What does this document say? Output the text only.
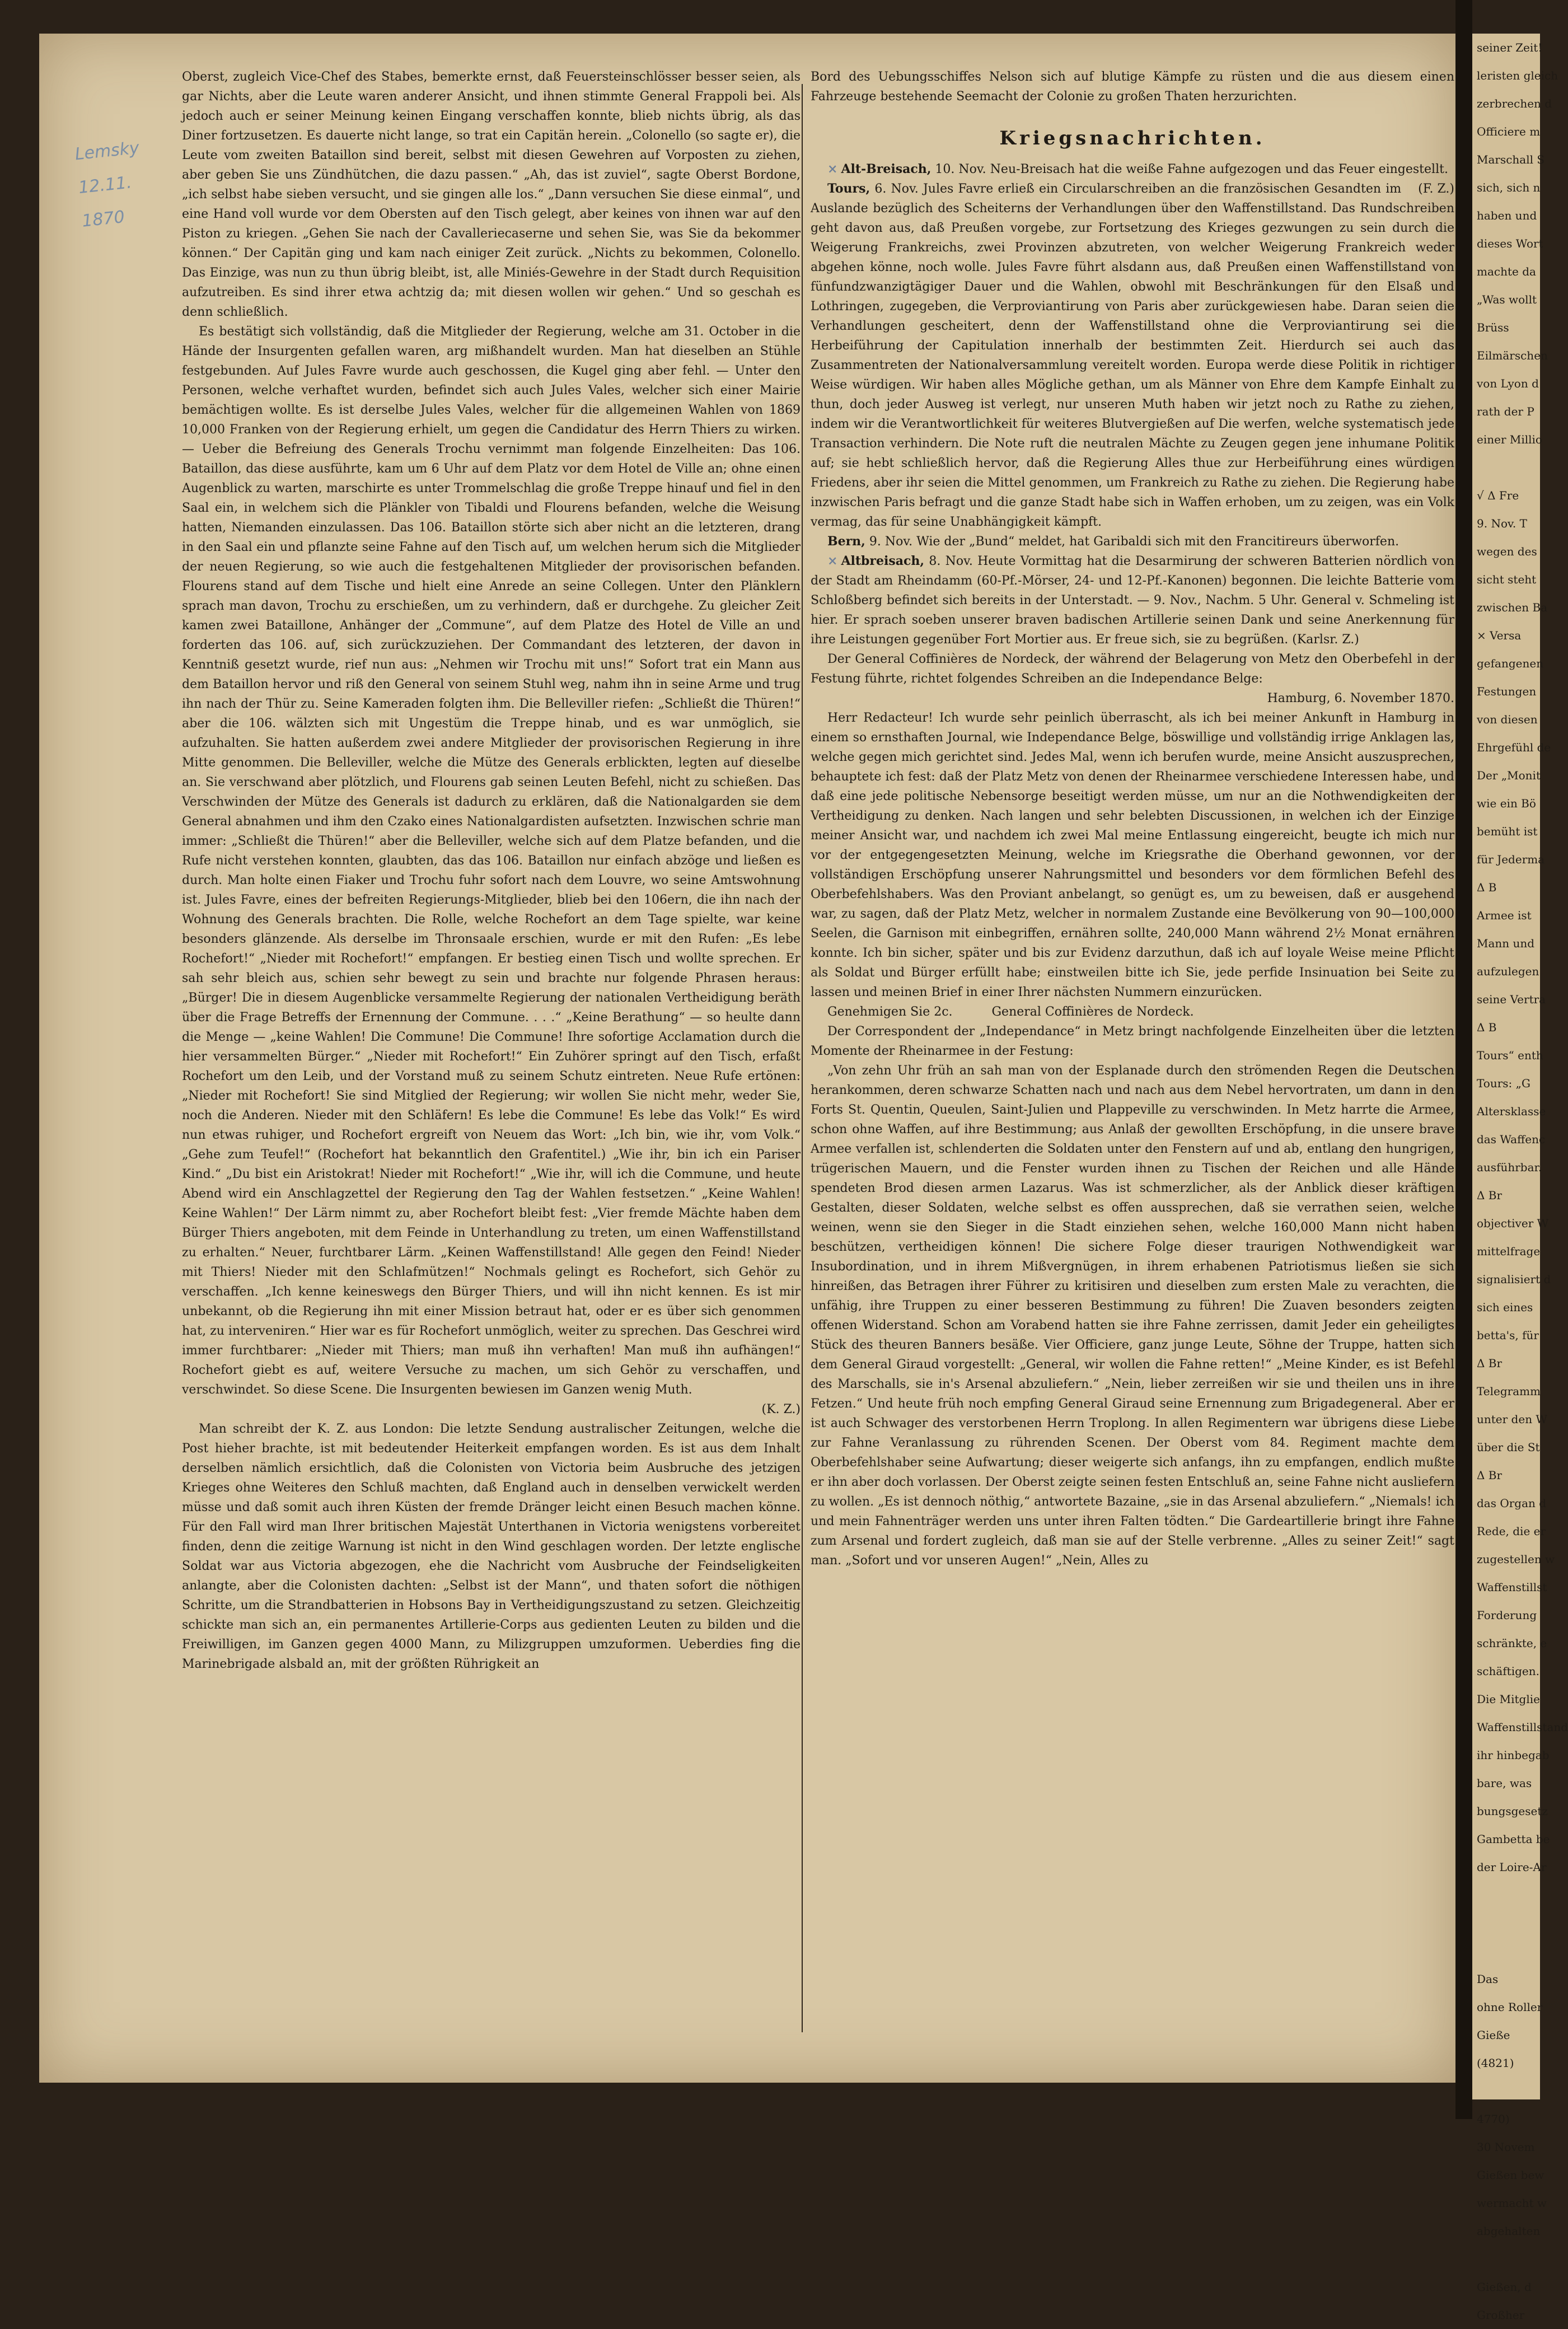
Lemsky
12.11.
1870

Oberst, zugleich Vice-Chef des Stabes, bemerkte ernst, daß Feuersteinschlösser besser seien, als gar Nichts, aber die Leute waren anderer Ansicht, und ihnen stimmte General Frappoli bei. Als jedoch auch er seiner Meinung keinen Eingang verschaffen konnte, blieb nichts übrig, als das Diner fortzusetzen. Es dauerte nicht lange, so trat ein Capitän herein. „Colonello (so sagte er), die Leute vom zweiten Bataillon sind bereit, selbst mit diesen Gewehren auf Vorposten zu ziehen, aber geben Sie uns Zündhütchen, die dazu passen.“ „Ah, das ist zuviel“, sagte Oberst Bordone, „ich selbst habe sieben versucht, und sie gingen alle los.“ „Dann versuchen Sie diese einmal“, und eine Hand voll wurde vor dem Obersten auf den Tisch gelegt, aber keines von ihnen war auf den Piston zu kriegen. „Gehen Sie nach der Cavalleriecaserne und sehen Sie, was Sie da bekommer können.“ Der Capitän ging und kam nach einiger Zeit zurück. „Nichts zu bekommen, Colonello. Das Einzige, was nun zu thun übrig bleibt, ist, alle Miniés-Gewehre in der Stadt durch Requisition aufzutreiben. Es sind ihrer etwa achtzig da; mit diesen wollen wir gehen.“ Und so geschah es denn schließlich.

Es bestätigt sich vollständig, daß die Mitglieder der Regierung, welche am 31. October in die Hände der Insurgenten gefallen waren, arg mißhandelt wurden. Man hat dieselben an Stühle festgebunden. Auf Jules Favre wurde auch geschossen, die Kugel ging aber fehl. — Unter den Personen, welche verhaftet wurden, befindet sich auch Jules Vales, welcher sich einer Mairie bemächtigen wollte. Es ist derselbe Jules Vales, welcher für die allgemeinen Wahlen von 1869 10,000 Franken von der Regierung erhielt, um gegen die Candidatur des Herrn Thiers zu wirken. — Ueber die Befreiung des Generals Trochu vernimmt man folgende Einzelheiten: Das 106. Bataillon, das diese ausführte, kam um 6 Uhr auf dem Platz vor dem Hotel de Ville an; ohne einen Augenblick zu warten, marschirte es unter Trommelschlag die große Treppe hinauf und fiel in den Saal ein, in welchem sich die Plänkler von Tibaldi und Flourens befanden, welche die Weisung hatten, Niemanden einzulassen. Das 106. Bataillon störte sich aber nicht an die letzteren, drang in den Saal ein und pflanzte seine Fahne auf den Tisch auf, um welchen herum sich die Mitglieder der neuen Regierung, so wie auch die festgehaltenen Mitglieder der provisorischen befanden. Flourens stand auf dem Tische und hielt eine Anrede an seine Collegen. Unter den Plänklern sprach man davon, Trochu zu erschießen, um zu verhindern, daß er durchgehe. Zu gleicher Zeit kamen zwei Bataillone, Anhänger der „Commune“, auf dem Platze des Hotel de Ville an und forderten das 106. auf, sich zurückzuziehen. Der Commandant des letzteren, der davon in Kenntniß gesetzt wurde, rief nun aus: „Nehmen wir Trochu mit uns!“ Sofort trat ein Mann aus dem Bataillon hervor und riß den General von seinem Stuhl weg, nahm ihn in seine Arme und trug ihn nach der Thür zu. Seine Kameraden folgten ihm. Die Belleviller riefen: „Schließt die Thüren!“ aber die 106. wälzten sich mit Ungestüm die Treppe hinab, und es war unmöglich, sie aufzuhalten. Sie hatten außerdem zwei andere Mitglieder der provisorischen Regierung in ihre Mitte genommen. Die Belleviller, welche die Mütze des Generals erblickten, legten auf dieselbe an. Sie verschwand aber plötzlich, und Flourens gab seinen Leuten Befehl, nicht zu schießen. Das Verschwinden der Mütze des Generals ist dadurch zu erklären, daß die Nationalgarden sie dem General abnahmen und ihm den Czako eines Nationalgardisten aufsetzten. Inzwischen schrie man immer: „Schließt die Thüren!“ aber die Belleviller, welche sich auf dem Platze befanden, und die Rufe nicht verstehen konnten, glaubten, das das 106. Bataillon nur einfach abzöge und ließen es durch. Man holte einen Fiaker und Trochu fuhr sofort nach dem Louvre, wo seine Amtswohnung ist. Jules Favre, eines der befreiten Regierungs-Mitglieder, blieb bei den 106ern, die ihn nach der Wohnung des Generals brachten. Die Rolle, welche Rochefort an dem Tage spielte, war keine besonders glänzende. Als derselbe im Thronsaale erschien, wurde er mit den Rufen: „Es lebe Rochefort!“ „Nieder mit Rochefort!“ empfangen. Er bestieg einen Tisch und wollte sprechen. Er sah sehr bleich aus, schien sehr bewegt zu sein und brachte nur folgende Phrasen heraus: „Bürger! Die in diesem Augenblicke versammelte Regierung der nationalen Vertheidigung beräth über die Frage Betreffs der Ernennung der Commune. . . .“ „Keine Berathung“ — so heulte dann die Menge — „keine Wahlen! Die Commune! Die Commune! Ihre sofortige Acclamation durch die hier versammelten Bürger.“ „Nieder mit Rochefort!“ Ein Zuhörer springt auf den Tisch, erfaßt Rochefort um den Leib, und der Vorstand muß zu seinem Schutz eintreten. Neue Rufe ertönen: „Nieder mit Rochefort! Sie sind Mitglied der Regierung; wir wollen Sie nicht mehr, weder Sie, noch die Anderen. Nieder mit den Schläfern! Es lebe die Commune! Es lebe das Volk!“ Es wird nun etwas ruhiger, und Rochefort ergreift von Neuem das Wort: „Ich bin, wie ihr, vom Volk.“ „Gehe zum Teufel!“ (Rochefort hat bekanntlich den Grafentitel.) „Wie ihr, bin ich ein Pariser Kind.“ „Du bist ein Aristokrat! Nieder mit Rochefort!“ „Wie ihr, will ich die Commune, und heute Abend wird ein Anschlagzettel der Regierung den Tag der Wahlen festsetzen.“ „Keine Wahlen! Keine Wahlen!“ Der Lärm nimmt zu, aber Rochefort bleibt fest: „Vier fremde Mächte haben dem Bürger Thiers angeboten, mit dem Feinde in Unterhandlung zu treten, um einen Waffenstillstand zu erhalten.“ Neuer, furchtbarer Lärm. „Keinen Waffenstillstand! Alle gegen den Feind! Nieder mit Thiers! Nieder mit den Schlafmützen!“ Nochmals gelingt es Rochefort, sich Gehör zu verschaffen. „Ich kenne keineswegs den Bürger Thiers, und will ihn nicht kennen. Es ist mir unbekannt, ob die Regierung ihn mit einer Mission betraut hat, oder er es über sich genommen hat, zu interveniren.“ Hier war es für Rochefort unmöglich, weiter zu sprechen. Das Geschrei wird immer furchtbarer: „Nieder mit Thiers; man muß ihn verhaften! Man muß ihn aufhängen!“ Rochefort giebt es auf, weitere Versuche zu machen, um sich Gehör zu verschaffen, und verschwindet. So diese Scene. Die Insurgenten bewiesen im Ganzen wenig Muth.

(K. Z.)

Man schreibt der K. Z. aus London: Die letzte Sendung australischer Zeitungen, welche die Post hieher brachte, ist mit bedeutender Heiterkeit empfangen worden. Es ist aus dem Inhalt derselben nämlich ersichtlich, daß die Colonisten von Victoria beim Ausbruche des jetzigen Krieges ohne Weiteres den Schluß machten, daß England auch in denselben verwickelt werden müsse und daß somit auch ihren Küsten der fremde Dränger leicht einen Besuch machen könne. Für den Fall wird man Ihrer britischen Majestät Unterthanen in Victoria wenigstens vorbereitet finden, denn die zeitige Warnung ist nicht in den Wind geschlagen worden. Der letzte englische Soldat war aus Victoria abgezogen, ehe die Nachricht vom Ausbruche der Feindseligkeiten anlangte, aber die Colonisten dachten: „Selbst ist der Mann“, und thaten sofort die nöthigen Schritte, um die Strandbatterien in Hobsons Bay in Vertheidigungszustand zu setzen. Gleichzeitig schickte man sich an, ein permanentes Artillerie-Corps aus gedienten Leuten zu bilden und die Freiwilligen, im Ganzen gegen 4000 Mann, zu Milizgruppen umzuformen. Ueberdies fing die Marinebrigade alsbald an, mit der größten Rührigkeit an

Bord des Uebungsschiffes Nelson sich auf blutige Kämpfe zu rüsten und die aus diesem einen Fahrzeuge bestehende Seemacht der Colonie zu großen Thaten herzurichten.

Kriegsnachrichten.

× Alt-Breisach, 10. Nov. Neu-Breisach hat die weiße Fahne aufgezogen und das Feuer eingestellt.
(F. Z.)

Tours, 6. Nov. Jules Favre erließ ein Circularschreiben an die französischen Gesandten im Auslande bezüglich des Scheiterns der Verhandlungen über den Waffenstillstand. Das Rundschreiben geht davon aus, daß Preußen vorgebe, zur Fortsetzung des Krieges gezwungen zu sein durch die Weigerung Frankreichs, zwei Provinzen abzutreten, von welcher Weigerung Frankreich weder abgehen könne, noch wolle. Jules Favre führt alsdann aus, daß Preußen einen Waffenstillstand von fünfundzwanzigtägiger Dauer und die Wahlen, obwohl mit Beschränkungen für den Elsaß und Lothringen, zugegeben, die Verproviantirung von Paris aber zurückgewiesen habe. Daran seien die Verhandlungen gescheitert, denn der Waffenstillstand ohne die Verproviantirung sei die Herbeiführung der Capitulation innerhalb der bestimmten Zeit. Hierdurch sei auch das Zusammentreten der Nationalversammlung vereitelt worden. Europa werde diese Politik in richtiger Weise würdigen. Wir haben alles Mögliche gethan, um als Männer von Ehre dem Kampfe Einhalt zu thun, doch jeder Ausweg ist verlegt, nur unseren Muth haben wir jetzt noch zu Rathe zu ziehen, indem wir die Verantwortlichkeit für weiteres Blutvergießen auf Die werfen, welche systematisch jede Transaction verhindern. Die Note ruft die neutralen Mächte zu Zeugen gegen jene inhumane Politik auf; sie hebt schließlich hervor, daß die Regierung Alles thue zur Herbeiführung eines würdigen Friedens, aber ihr seien die Mittel genommen, um Frankreich zu Rathe zu ziehen. Die Regierung habe inzwischen Paris befragt und die ganze Stadt habe sich in Waffen erhoben, um zu zeigen, was ein Volk vermag, das für seine Unabhängigkeit kämpft.

Bern, 9. Nov. Wie der „Bund“ meldet, hat Garibaldi sich mit den Francitireurs überworfen.

× Altbreisach, 8. Nov. Heute Vormittag hat die Desarmirung der schweren Batterien nördlich von der Stadt am Rheindamm (60-Pf.-Mörser, 24- und 12-Pf.-Kanonen) begonnen. Die leichte Batterie vom Schloßberg befindet sich bereits in der Unterstadt. — 9. Nov., Nachm. 5 Uhr. General v. Schmeling ist hier. Er sprach soeben unserer braven badischen Artillerie seinen Dank und seine Anerkennung für ihre Leistungen gegenüber Fort Mortier aus. Er freue sich, sie zu begrüßen. (Karlsr. Z.)

Der General Coffinières de Nordeck, der während der Belagerung von Metz den Oberbefehl in der Festung führte, richtet folgendes Schreiben an die Independance Belge:

Hamburg, 6. November 1870.

Herr Redacteur! Ich wurde sehr peinlich überrascht, als ich bei meiner Ankunft in Hamburg in einem so ernsthaften Journal, wie Independance Belge, böswillige und vollständig irrige Anklagen las, welche gegen mich gerichtet sind. Jedes Mal, wenn ich berufen wurde, meine Ansicht auszusprechen, behauptete ich fest: daß der Platz Metz von denen der Rheinarmee verschiedene Interessen habe, und daß eine jede politische Nebensorge beseitigt werden müsse, um nur an die Nothwendigkeiten der Vertheidigung zu denken. Nach langen und sehr belebten Discussionen, in welchen ich der Einzige meiner Ansicht war, und nachdem ich zwei Mal meine Entlassung eingereicht, beugte ich mich nur vor der entgegengesetzten Meinung, welche im Kriegsrathe die Oberhand gewonnen, vor der vollständigen Erschöpfung unserer Nahrungsmittel und besonders vor dem förmlichen Befehl des Oberbefehlshabers. Was den Proviant anbelangt, so genügt es, um zu beweisen, daß er ausgehend war, zu sagen, daß der Platz Metz, welcher in normalem Zustande eine Bevölkerung von 90—100,000 Seelen, die Garnison mit einbegriffen, ernähren sollte, 240,000 Mann während 2½ Monat ernähren konnte. Ich bin sicher, später und bis zur Evidenz darzuthun, daß ich auf loyale Weise meine Pflicht als Soldat und Bürger erfüllt habe; einstweilen bitte ich Sie, jede perfide Insinuation bei Seite zu lassen und meinen Brief in einer Ihrer nächsten Nummern einzurücken.

Genehmigen Sie 2c.	General Coffinières de Nordeck.

Der Correspondent der „Independance“ in Metz bringt nachfolgende Einzelheiten über die letzten Momente der Rheinarmee in der Festung:

„Von zehn Uhr früh an sah man von der Esplanade durch den strömenden Regen die Deutschen herankommen, deren schwarze Schatten nach und nach aus dem Nebel hervortraten, um dann in den Forts St. Quentin, Queulen, Saint-Julien und Plappeville zu verschwinden. In Metz harrte die Armee, schon ohne Waffen, auf ihre Bestimmung; aus Anlaß der gewollten Erschöpfung, in die unsere brave Armee verfallen ist, schlenderten die Soldaten unter den Fenstern auf und ab, entlang den hungrigen, trügerischen Mauern, und die Fenster wurden ihnen zu Tischen der Reichen und alle Hände spendeten Brod diesen armen Lazarus. Was ist schmerzlicher, als der Anblick dieser kräftigen Gestalten, dieser Soldaten, welche selbst es offen aussprechen, daß sie verrathen seien, welche weinen, wenn sie den Sieger in die Stadt einziehen sehen, welche 160,000 Mann nicht haben beschützen, vertheidigen können! Die sichere Folge dieser traurigen Nothwendigkeit war Insubordination, und in ihrem Mißvergnügen, in ihrem erhabenen Patriotismus ließen sie sich hinreißen, das Betragen ihrer Führer zu kritisiren und dieselben zum ersten Male zu verachten, die unfähig, ihre Truppen zu einer besseren Bestimmung zu führen! Die Zuaven besonders zeigten offenen Widerstand. Schon am Vorabend hatten sie ihre Fahne zerrissen, damit Jeder ein geheiligtes Stück des theuren Banners besäße. Vier Officiere, ganz junge Leute, Söhne der Truppe, hatten sich dem General Giraud vorgestellt: „General, wir wollen die Fahne retten!“ „Meine Kinder, es ist Befehl des Marschalls, sie in's Arsenal abzuliefern.“ „Nein, lieber zerreißen wir sie und theilen uns in ihre Fetzen.“ Und heute früh noch empfing General Giraud seine Ernennung zum Brigadegeneral. Aber er ist auch Schwager des verstorbenen Herrn Troplong. In allen Regimentern war übrigens diese Liebe zur Fahne Veranlassung zu rührenden Scenen. Der Oberst vom 84. Regiment machte dem Oberbefehlshaber seine Aufwartung; dieser weigerte sich anfangs, ihn zu empfangen, endlich mußte er ihn aber doch vorlassen. Der Oberst zeigte seinen festen Entschluß an, seine Fahne nicht ausliefern zu wollen. „Es ist dennoch nöthig,“ antwortete Bazaine, „sie in das Arsenal abzuliefern.“ „Niemals! ich und mein Fahnenträger werden uns unter ihren Falten tödten.“ Die Gardeartillerie bringt ihre Fahne zum Arsenal und fordert zugleich, daß man sie auf der Stelle verbrenne. „Alles zu seiner Zeit!“ sagt man. „Sofort und vor unseren Augen!“ „Nein, Alles zu

seiner Zeit!
leristen gleich
zerbrechen d
Officiere m
Marschall S
sich, sich n
haben und
dieses Wort
machte da
„Was wollt
Brüss
Eilmärschen
von Lyon d
rath der P
einer Millio

√ Δ Fre
9. Nov. T
wegen des
sicht steht
zwischen Ba
× Versa
gefangenen
Festungen
von diesen
Ehrgefühl de
Der „Monit
wie ein Bö
bemüht ist
für Jederma
Δ B
Armee ist
Mann und
aufzulegen
seine Vertra
Δ B
Tours“ enth
Tours: „G
Altersklasse
das Waffenc
ausführbar.
Δ Br
objectiver W
mittelfrage
signalisiert d
sich eines
betta's, für
Δ Br
Telegramm
unter den W
über die St
Δ Br
das Organ d
Rede, die er
zugestellen w
Waffenstillst
Forderung
schränkte, e
schäftigen.
Die Mitglie
Waffenstillstand
ihr hinbegab
bare, was
bungsgesetz
Gambetta be
der Loire-Ar

Das
ohne Roller
Gieße
(4821)

4770)
30 Novem
Gießen bew
wermacht w
abgehalten

Gießen, d
Großher
